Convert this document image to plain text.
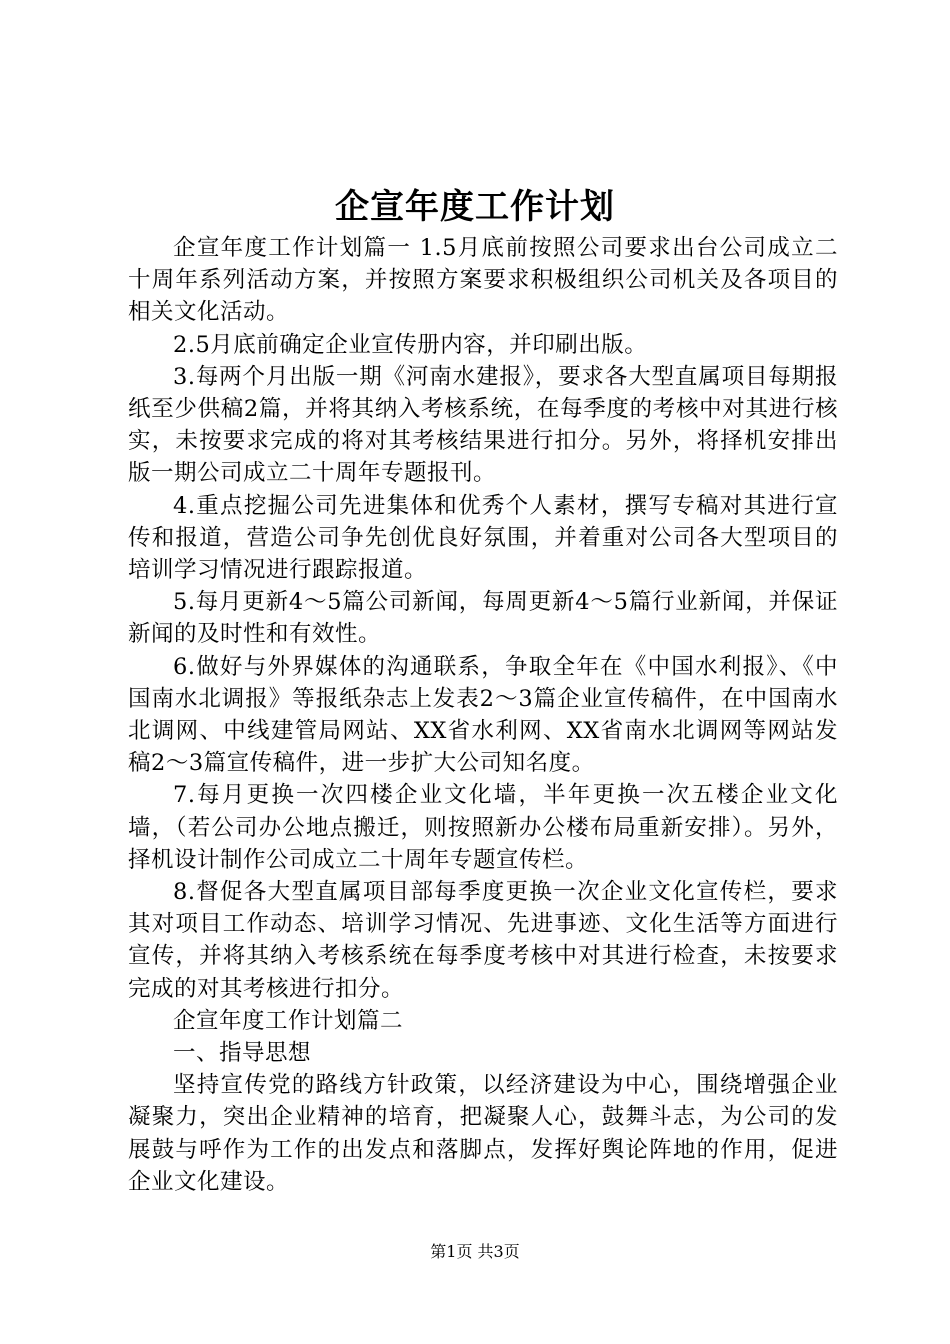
企宣年度工作计划

企宣年度工作计划篇一 1.5月底前按照公司要求出台公司成立二十周年系列活动方案，并按照方案要求积极组织公司机关及各项目的相关文化活动。

2.5月底前确定企业宣传册内容，并印刷出版。

3.每两个月出版一期《河南水建报》，要求各大型直属项目每期报纸至少供稿2篇，并将其纳入考核系统，在每季度的考核中对其进行核实，未按要求完成的将对其考核结果进行扣分。另外，将择机安排出版一期公司成立二十周年专题报刊。

4.重点挖掘公司先进集体和优秀个人素材，撰写专稿对其进行宣传和报道，营造公司争先创优良好氛围，并着重对公司各大型项目的培训学习情况进行跟踪报道。

5.每月更新4～5篇公司新闻，每周更新4～5篇行业新闻，并保证新闻的及时性和有效性。

6.做好与外界媒体的沟通联系，争取全年在《中国水利报》、《中国南水北调报》等报纸杂志上发表2～3篇企业宣传稿件，在中国南水北调网、中线建管局网站、XX省水利网、XX省南水北调网等网站发稿2～3篇宣传稿件，进一步扩大公司知名度。

7.每月更换一次四楼企业文化墙，半年更换一次五楼企业文化墙，（若公司办公地点搬迁，则按照新办公楼布局重新安排）。另外，择机设计制作公司成立二十周年专题宣传栏。

8.督促各大型直属项目部每季度更换一次企业文化宣传栏，要求其对项目工作动态、培训学习情况、先进事迹、文化生活等方面进行宣传，并将其纳入考核系统在每季度考核中对其进行检查，未按要求完成的对其考核进行扣分。

企宣年度工作计划篇二

一、指导思想

坚持宣传党的路线方针政策，以经济建设为中心，围绕增强企业凝聚力，突出企业精神的培育，把凝聚人心，鼓舞斗志，为公司的发展鼓与呼作为工作的出发点和落脚点，发挥好舆论阵地的作用，促进企业文化建设。

第1页 共3页
